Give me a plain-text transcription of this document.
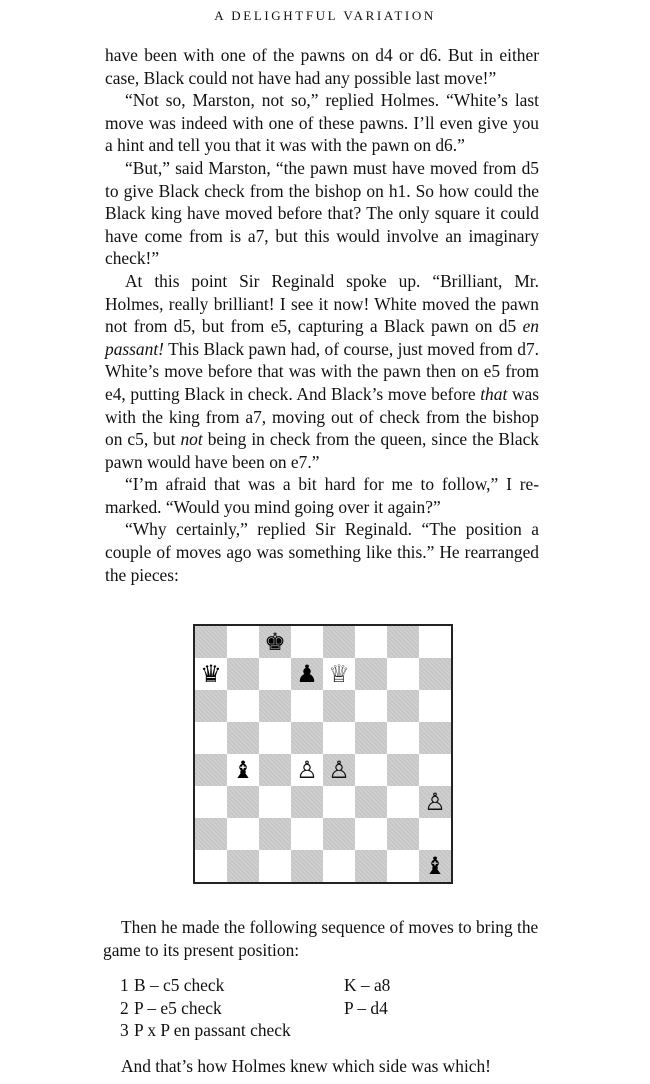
A DELIGHTFUL VARIATION

have been with one of the pawns on d4 or d6. But in either case, Black could not have had any possible last move!”

“Not so, Marston, not so,” replied Holmes. “White’s last move was indeed with one of these pawns. I’ll even give you a hint and tell you that it was with the pawn on d6.”

“But,” said Marston, “the pawn must have moved from d5 to give Black check from the bishop on h1. So how could the Black king have moved before that? The only square it could have come from is a7, but this would involve an imaginary check!”

At this point Sir Reginald spoke up. “Brilliant, Mr. Holmes, really brilliant! I see it now! White moved the pawn not from d5, but from e5, capturing a Black pawn on d5 en passant! This Black pawn had, of course, just moved from d7. White’s move before that was with the pawn then on e5 from e4, putting Black in check. And Black’s move before that was with the king from a7, moving out of check from the bishop on c5, but not being in check from the queen, since the Black pawn would have been on e7.”

“I’m afraid that was a bit hard for me to follow,” I remarked. “Would you mind going over it again?”

“Why certainly,” replied Sir Reginald. “The position a couple of moves ago was something like this.” He rearranged the pieces:

♚
♛	♟ ♕
♝ ♙ ♙
♙
♝

Then he made the following sequence of moves to bring the game to its present position:

1 B – c5 check	K – a8
2 P – e5 check	P – d4
3 P x P en passant check
And that’s how Holmes knew which side was which!
